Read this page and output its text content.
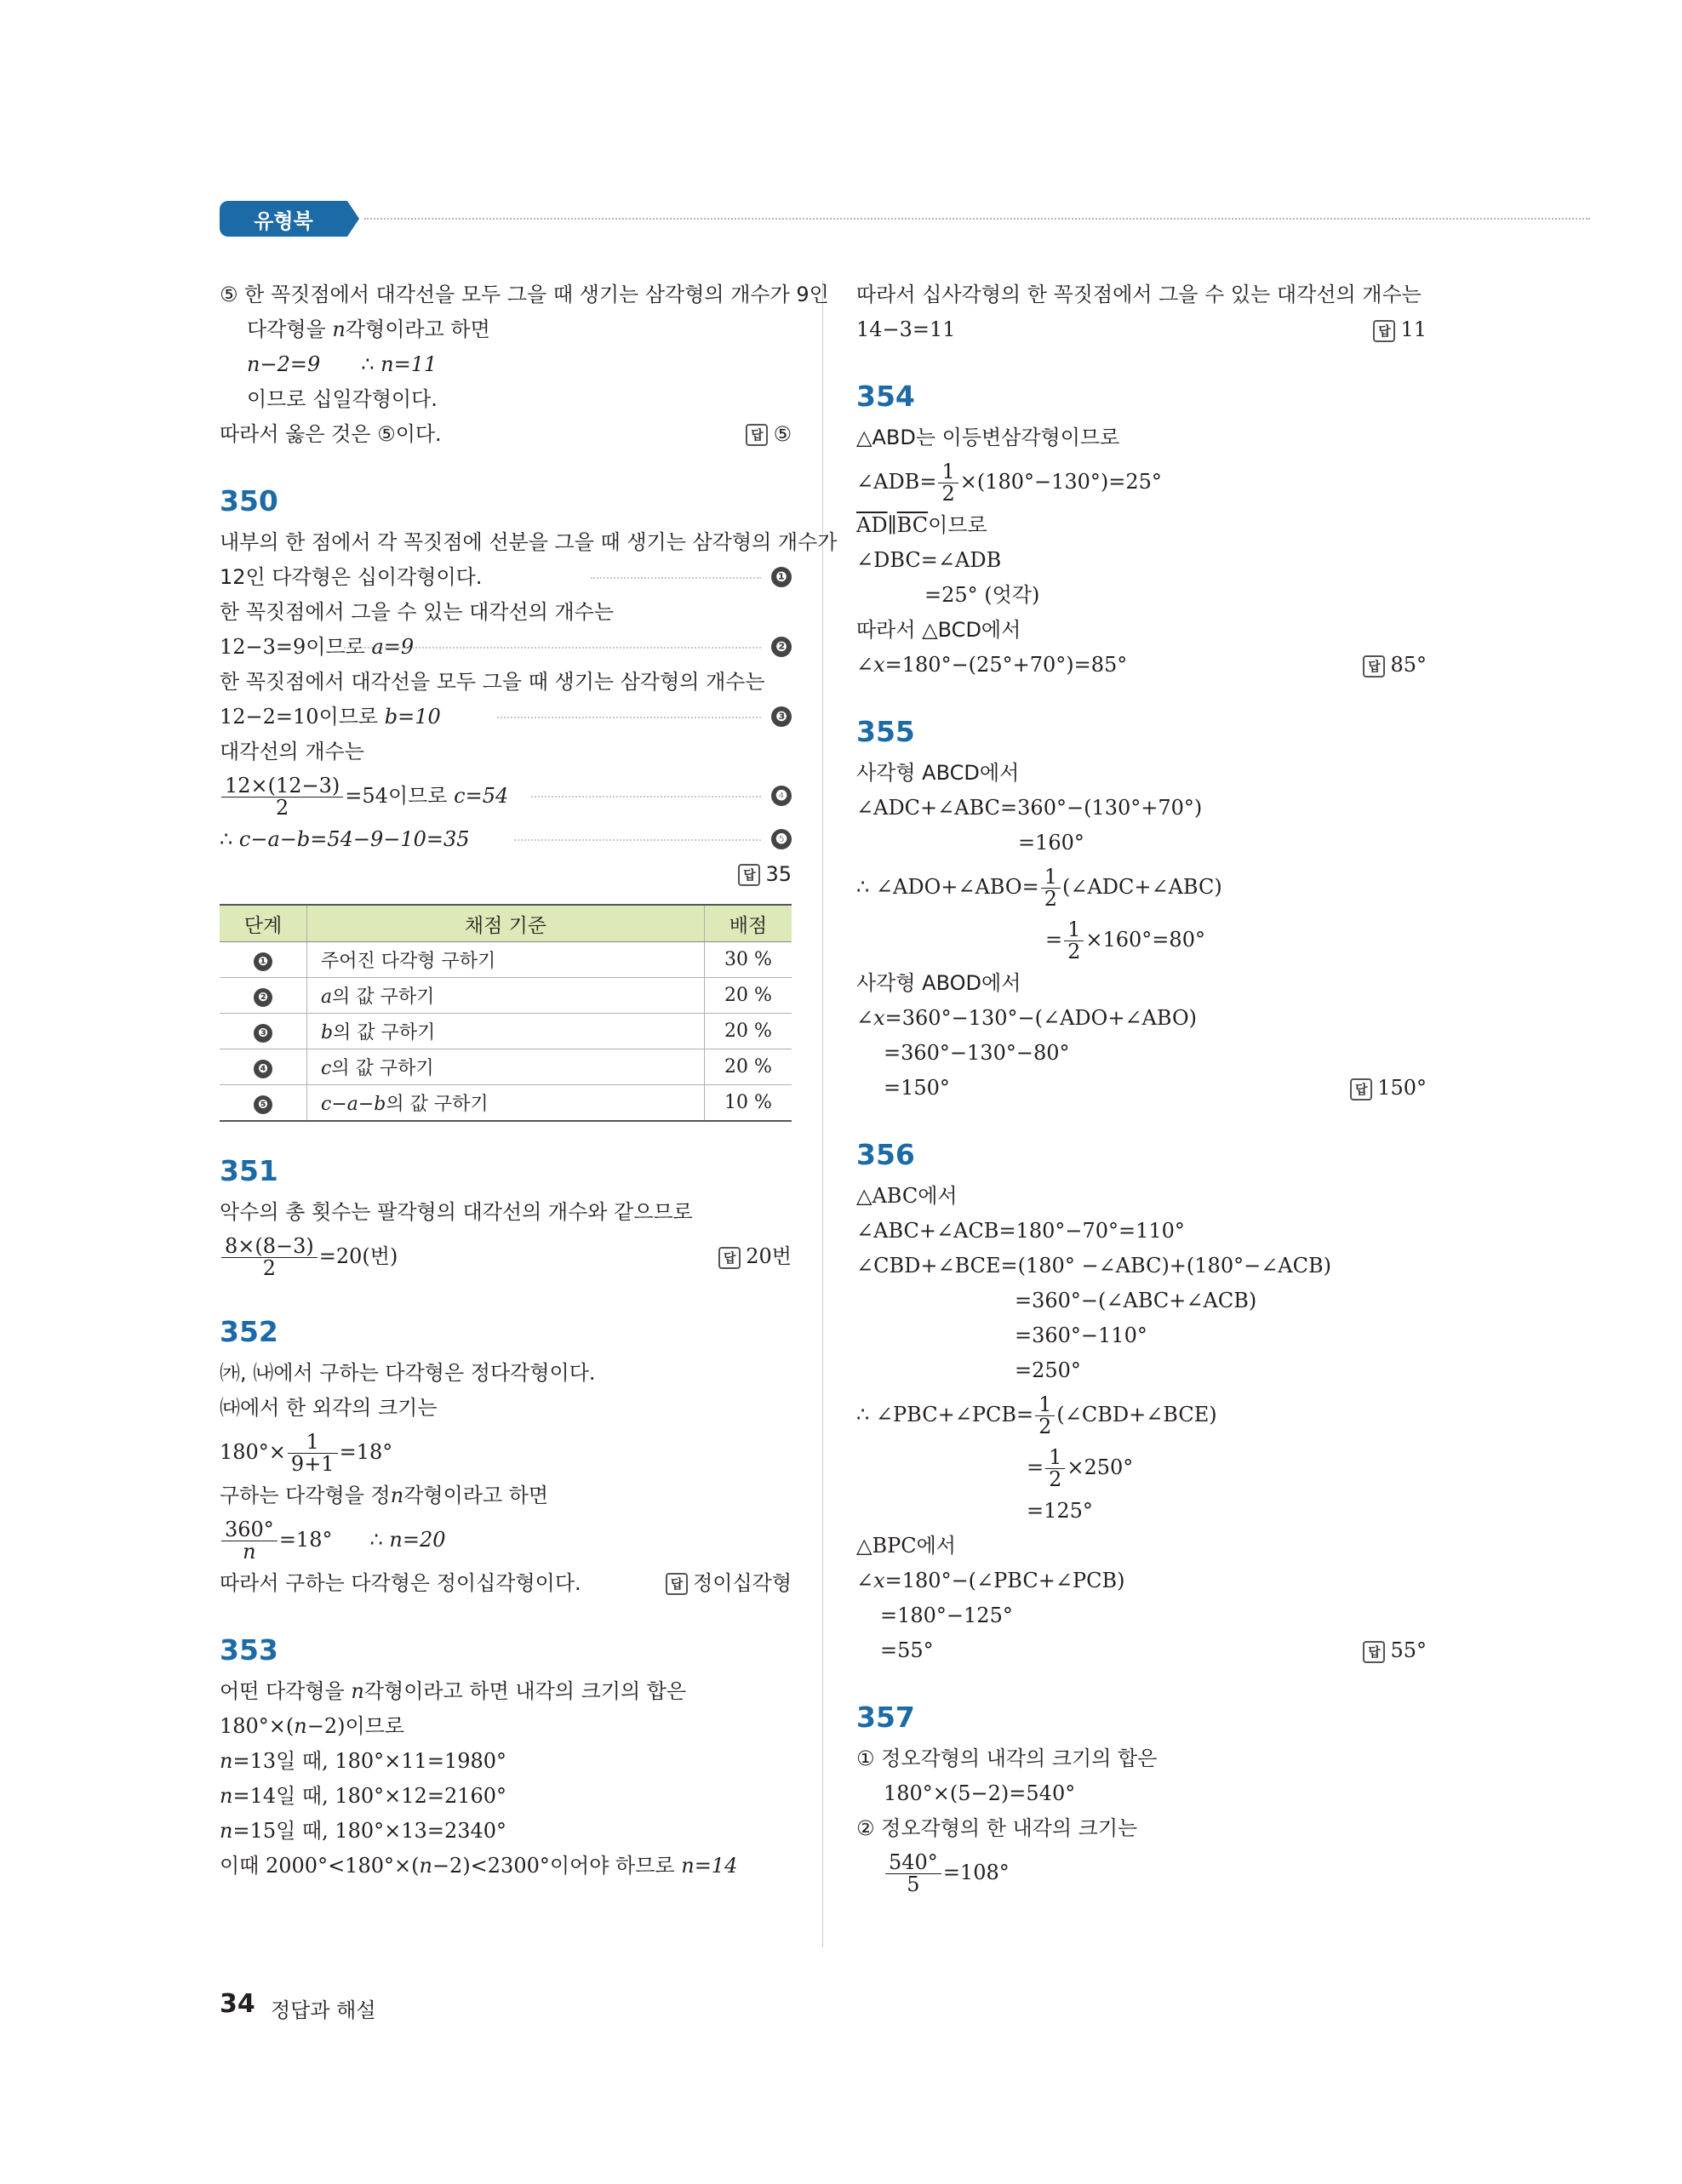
유형북
⑤ 한 꼭짓점에서 대각선을 모두 그을 때 생기는 삼각형의 개수가 9인
다각형을 n각형이라고 하면
n−2=9 ∴ n=11
이므로 십일각형이다.
따라서 옳은 것은 ⑤이다.	답 ⑤
350
내부의 한 점에서 각 꼭짓점에 선분을 그을 때 생기는 삼각형의 개수가
12인 다각형은 십이각형이다.	❶
한 꼭짓점에서 그을 수 있는 대각선의 개수는
12−3=9이므로 a=9	❷
한 꼭짓점에서 대각선을 모두 그을 때 생기는 삼각형의 개수는
12−2=10이므로 b=10	❸
대각선의 개수는
$\frac{12\times(12-3)}{2} =54$이므로 c=54	❹
∴ c−a−b=54−9−10=35	❺
답 35
단계	채점 기준	배점
❶	주어진 다각형 구하기	30 %
❷	a의 값 구하기	20 %
❸	b의 값 구하기	20 %
❹	c의 값 구하기	20 %
❺	c−a−b의 값 구하기	10 %
351
악수의 총 횟수는 팔각형의 대각선의 개수와 같으므로
$\frac{8\times(8-3)}{2} =20$(번)	답 20번
352
㈎, ㈏에서 구하는 다각형은 정다각형이다.
㈐에서 한 외각의 크기는
$180^\circ\times \frac{1}{9+1} =18^\circ$
구하는 다각형을 정n각형이라고 하면
$\frac{360^\circ}{n} =18^\circ$ ∴ n=20
따라서 구하는 다각형은 정이십각형이다.	답 정이십각형
353
어떤 다각형을 n각형이라고 하면 내각의 크기의 합은
180°×(n−2)이므로
n=13일 때, 180°×11=1980°
n=14일 때, 180°×12=2160°
n=15일 때, 180°×13=2340°
이때 2000°<180°×(n−2)<2300°이어야 하므로 n=14
따라서 십사각형의 한 꼭짓점에서 그을 수 있는 대각선의 개수는
14−3=11	답 11
354
△ABD는 이등변삼각형이므로
∠ADB= $\frac{1}{2} \times(180^\circ-130^\circ)=25^\circ$
$\overline{AD}\parallel\overline{BC}$이므로
∠DBC=∠ADB
=25° (엇각)
따라서 △BCD에서
∠x=180°−(25°+70°)=85°	답 85°
355
사각형 ABCD에서
∠ADC+∠ABC=360°−(130°+70°)
=160°
∴ ∠ADO+∠ABO= $\frac{1}{2}$ (∠ADC+∠ABC)
= $\frac{1}{2} \times 160^\circ=80^\circ$
사각형 ABOD에서
∠x=360°−130°−(∠ADO+∠ABO)
=360°−130°−80°
=150°	답 150°
356
△ABC에서
∠ABC+∠ACB=180°−70°=110°
∠CBD+∠BCE=(180° −∠ABC)+(180°−∠ACB)
=360°−(∠ABC+∠ACB)
=360°−110°
=250°
∴ ∠PBC+∠PCB= $\frac{1}{2}$ (∠CBD+∠BCE)
= $\frac{1}{2} \times 250^\circ$
=125°
△BPC에서
∠x=180°−(∠PBC+∠PCB)
=180°−125°
=55°	답 55°
357
① 정오각형의 내각의 크기의 합은
180°×(5−2)=540°
② 정오각형의 한 내각의 크기는
$\frac{540^\circ}{5} =108^\circ$
34 정답과 해설
